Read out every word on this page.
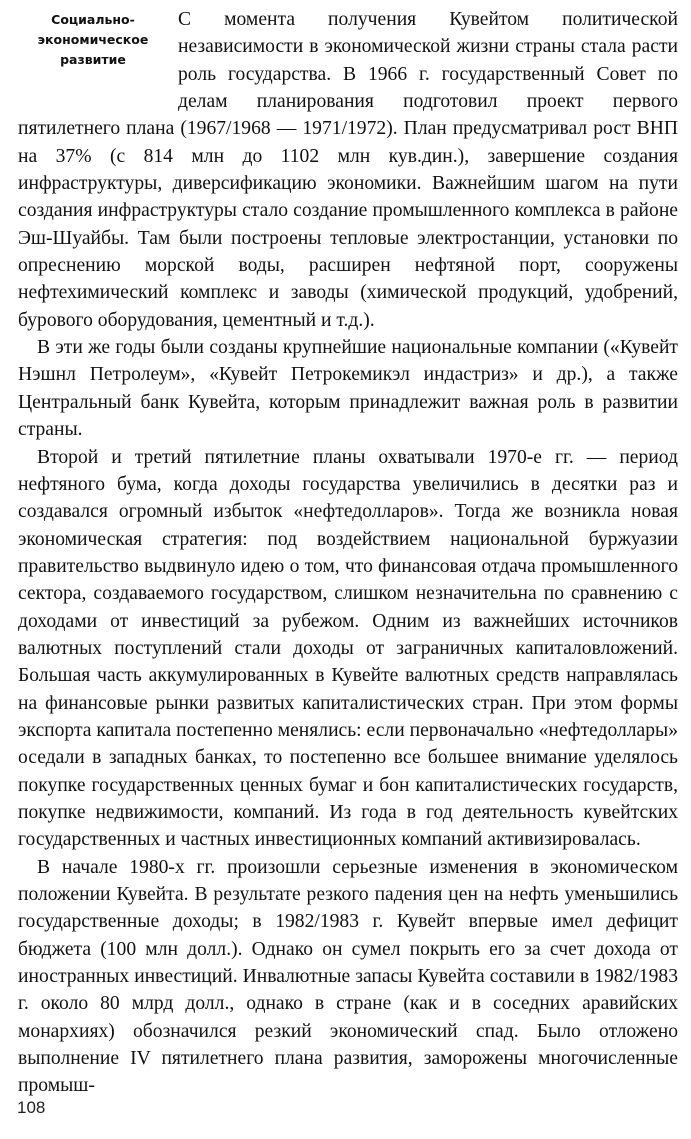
Социально-
экономическое
развитие

С момента получения Кувейтом политической независимости в экономической жизни страны стала расти роль государства. В 1966 г. государственный Совет по делам планирования подготовил проект первого пятилетнего плана (1967/1968 — 1971/1972). План предусматривал рост ВНП на 37% (с 814 млн до 1102 млн кув.дин.), завершение создания инфраструктуры, диверсификацию экономики. Важнейшим шагом на пути создания инфраструктуры стало создание промышленного комплекса в районе Эш-Шуайбы. Там были построены тепловые электростанции, установки по опреснению морской воды, расширен нефтяной порт, сооружены нефтехимический комплекс и заводы (химической продукций, удобрений, бурового оборудования, цементный и т.д.).

В эти же годы были созданы крупнейшие национальные компании («Кувейт Нэшнл Петролеум», «Кувейт Петрокемикэл индастриз» и др.), а также Центральный банк Кувейта, которым принадлежит важная роль в развитии страны.

Второй и третий пятилетние планы охватывали 1970-е гг. — период нефтяного бума, когда доходы государства увеличились в десятки раз и создавался огромный избыток «нефтедолларов». Тогда же возникла новая экономическая стратегия: под воздействием национальной буржуазии правительство выдвинуло идею о том, что финансовая отдача промышленного сектора, создаваемого государством, слишком незначительна по сравнению с доходами от инвестиций за рубежом. Одним из важнейших источников валютных поступлений стали доходы от заграничных капиталовложений. Большая часть аккумулированных в Кувейте валютных средств направлялась на финансовые рынки развитых капиталистических стран. При этом формы экспорта капитала постепенно менялись: если первоначально «нефтедоллары» оседали в западных банках, то постепенно все большее внимание уделялось покупке государственных ценных бумаг и бон капиталистических государств, покупке недвижимости, компаний. Из года в год деятельность кувейтских государственных и частных инвестиционных компаний активизировалась.

В начале 1980-х гг. произошли серьезные изменения в экономическом положении Кувейта. В результате резкого падения цен на нефть уменьшились государственные доходы; в 1982/1983 г. Кувейт впервые имел дефицит бюджета (100 млн долл.). Однако он сумел покрыть его за счет дохода от иностранных инвестиций. Инвалютные запасы Кувейта составили в 1982/1983 г. около 80 млрд долл., однако в стране (как и в соседних аравийских монархиях) обозначился резкий экономический спад. Было отложено выполнение IV пятилетнего плана развития, заморожены многочисленные промыш-

108
